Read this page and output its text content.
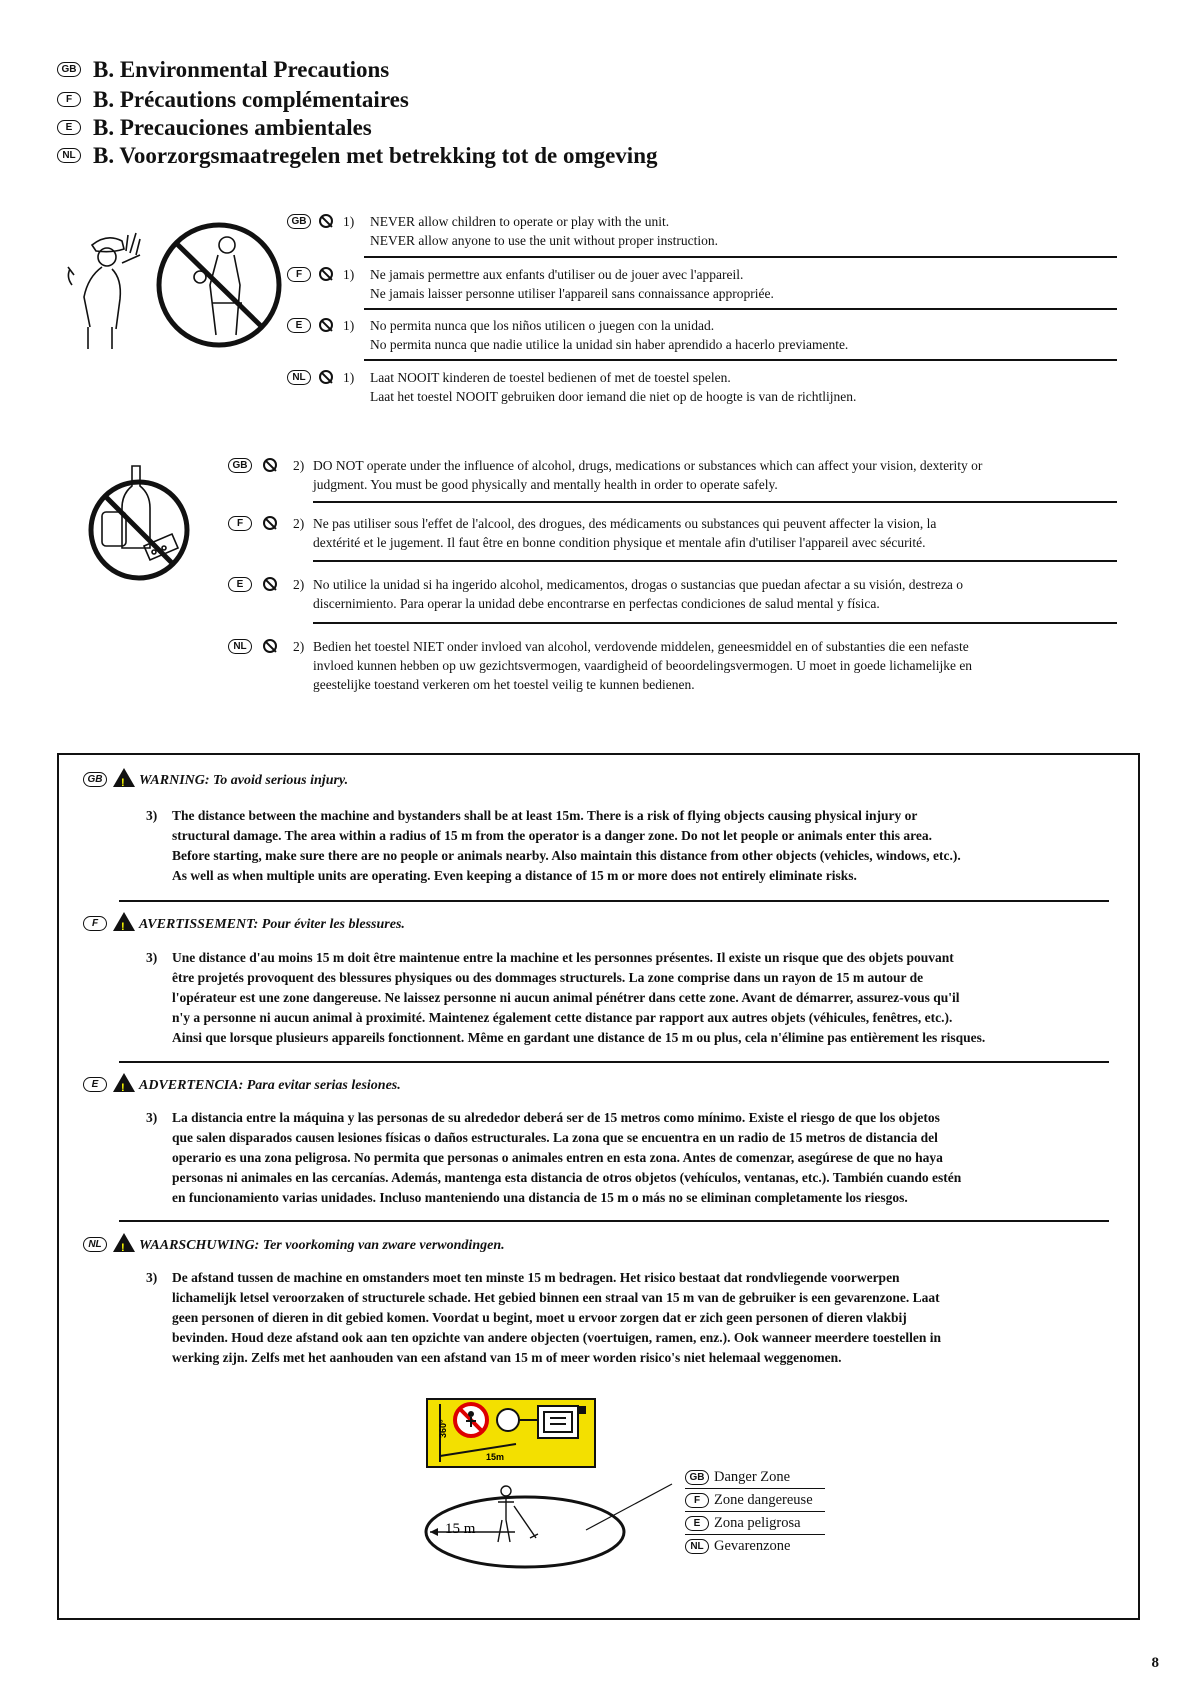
GB B. Environmental Precautions
F B. Précautions complémentaires
E B. Precauciones ambientales
NL B. Voorzorgsmaatregelen met betrekking tot de omgeving
GB	1) NEVER allow children to operate or play with the unit.
NEVER allow anyone to use the unit without proper instruction.
F	1) Ne jamais permettre aux enfants d'utiliser ou de jouer avec l'appareil.
Ne jamais laisser personne utiliser l'appareil sans connaissance appropriée.
E	1) No permita nunca que los niños utilicen o juegen con la unidad.
No permita nunca que nadie utilice la unidad sin haber aprendido a hacerlo previamente.
NL	1) Laat NOOIT kinderen de toestel bedienen of met de toestel spelen.
Laat het toestel NOOIT gebruiken door iemand die niet op de hoogte is van de richtlijnen.
GB	2) DO NOT operate under the influence of alcohol, drugs, medications or substances which can affect your vision, dexterity or
judgment. You must be good physically and mentally health in order to operate safely.
F	2) Ne pas utiliser sous l'effet de l'alcool, des drogues, des médicaments ou substances qui peuvent affecter la vision, la
dextérité et le jugement. Il faut être en bonne condition physique et mentale afin d'utiliser l'appareil avec sécurité.
E	2) No utilice la unidad si ha ingerido alcohol, medicamentos, drogas o sustancias que puedan afectar a su visión, destreza o
discernimiento. Para operar la unidad debe encontrarse en perfectas condiciones de salud mental y física.
NL	2) Bedien het toestel NIET onder invloed van alcohol, verdovende middelen, geneesmiddel en of substanties die een nefaste
invloed kunnen hebben op uw gezichtsvermogen, vaardigheid of beoordelingsvermogen. U moet in goede lichamelijke en
geestelijke toestand verkeren om het toestel veilig te kunnen bedienen.
GB !	WARNING: To avoid serious injury.
3) The distance between the machine and bystanders shall be at least 15m. There is a risk of flying objects causing physical injury or
structural damage. The area within a radius of 15 m from the operator is a danger zone. Do not let people or animals enter this area.
Before starting, make sure there are no people or animals nearby. Also maintain this distance from other objects (vehicles, windows, etc.).
As well as when multiple units are operating. Even keeping a distance of 15 m or more does not entirely eliminate risks.
F !	AVERTISSEMENT: Pour éviter les blessures.
3) Une distance d'au moins 15 m doit être maintenue entre la machine et les personnes présentes. Il existe un risque que des objets pouvant
être projetés provoquent des blessures physiques ou des dommages structurels. La zone comprise dans un rayon de 15 m autour de
l'opérateur est une zone dangereuse. Ne laissez personne ni aucun animal pénétrer dans cette zone. Avant de démarrer, assurez-vous qu'il
n'y a personne ni aucun animal à proximité. Maintenez également cette distance par rapport aux autres objets (véhicules, fenêtres, etc.).
Ainsi que lorsque plusieurs appareils fonctionnent. Même en gardant une distance de 15 m ou plus, cela n'élimine pas entièrement les risques.
E !	ADVERTENCIA: Para evitar serias lesiones.
3) La distancia entre la máquina y las personas de su alrededor deberá ser de 15 metros como mínimo. Existe el riesgo de que los objetos
que salen disparados causen lesiones físicas o daños estructurales. La zona que se encuentra en un radio de 15 metros de distancia del
operario es una zona peligrosa. No permita que personas o animales entren en esta zona. Antes de comenzar, asegúrese de que no haya
personas ni animales en las cercanías. Además, mantenga esta distancia de otros objetos (vehículos, ventanas, etc.). También cuando estén
en funcionamiento varias unidades. Incluso manteniendo una distancia de 15 m o más no se eliminan completamente los riesgos.
NL !	WAARSCHUWING: Ter voorkoming van zware verwondingen.
3) De afstand tussen de machine en omstanders moet ten minste 15 m bedragen. Het risico bestaat dat rondvliegende voorwerpen
lichamelijk letsel veroorzaken of structurele schade. Het gebied binnen een straal van 15 m van de gebruiker is een gevarenzone. Laat
geen personen of dieren in dit gebied komen. Voordat u begint, moet u ervoor zorgen dat er zich geen personen of dieren vlakbij
bevinden. Houd deze afstand ook aan ten opzichte van andere objecten (voertuigen, ramen, enz.). Ook wanneer meerdere toestellen in
werking zijn. Zelfs met het aanhouden van een afstand van 15 m of meer worden risico's niet helemaal weggenomen.
360°
15m
15 m
GB Danger Zone
F Zone dangereuse
E Zona peligrosa
NL Gevarenzone
8
